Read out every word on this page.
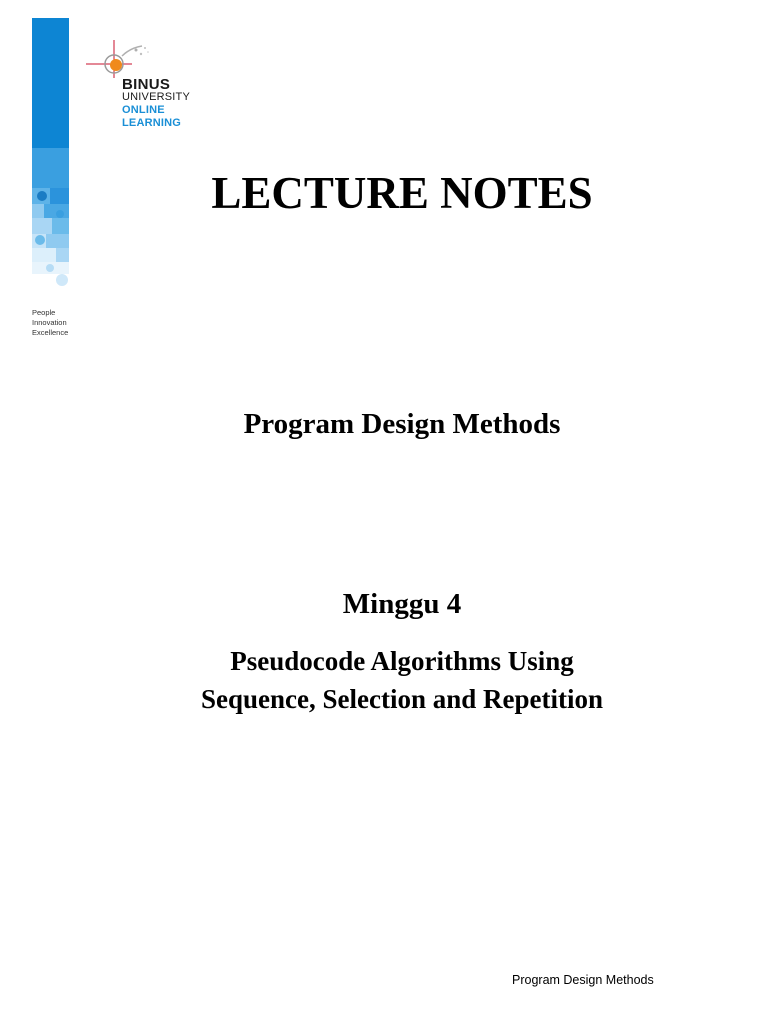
People
Innovation
Excellence
BINUS
UNIVERSITY
ONLINE
LEARNING
LECTURE NOTES
Program Design Methods
Minggu 4
Pseudocode Algorithms Using
Sequence, Selection and Repetition
Program Design Methods
